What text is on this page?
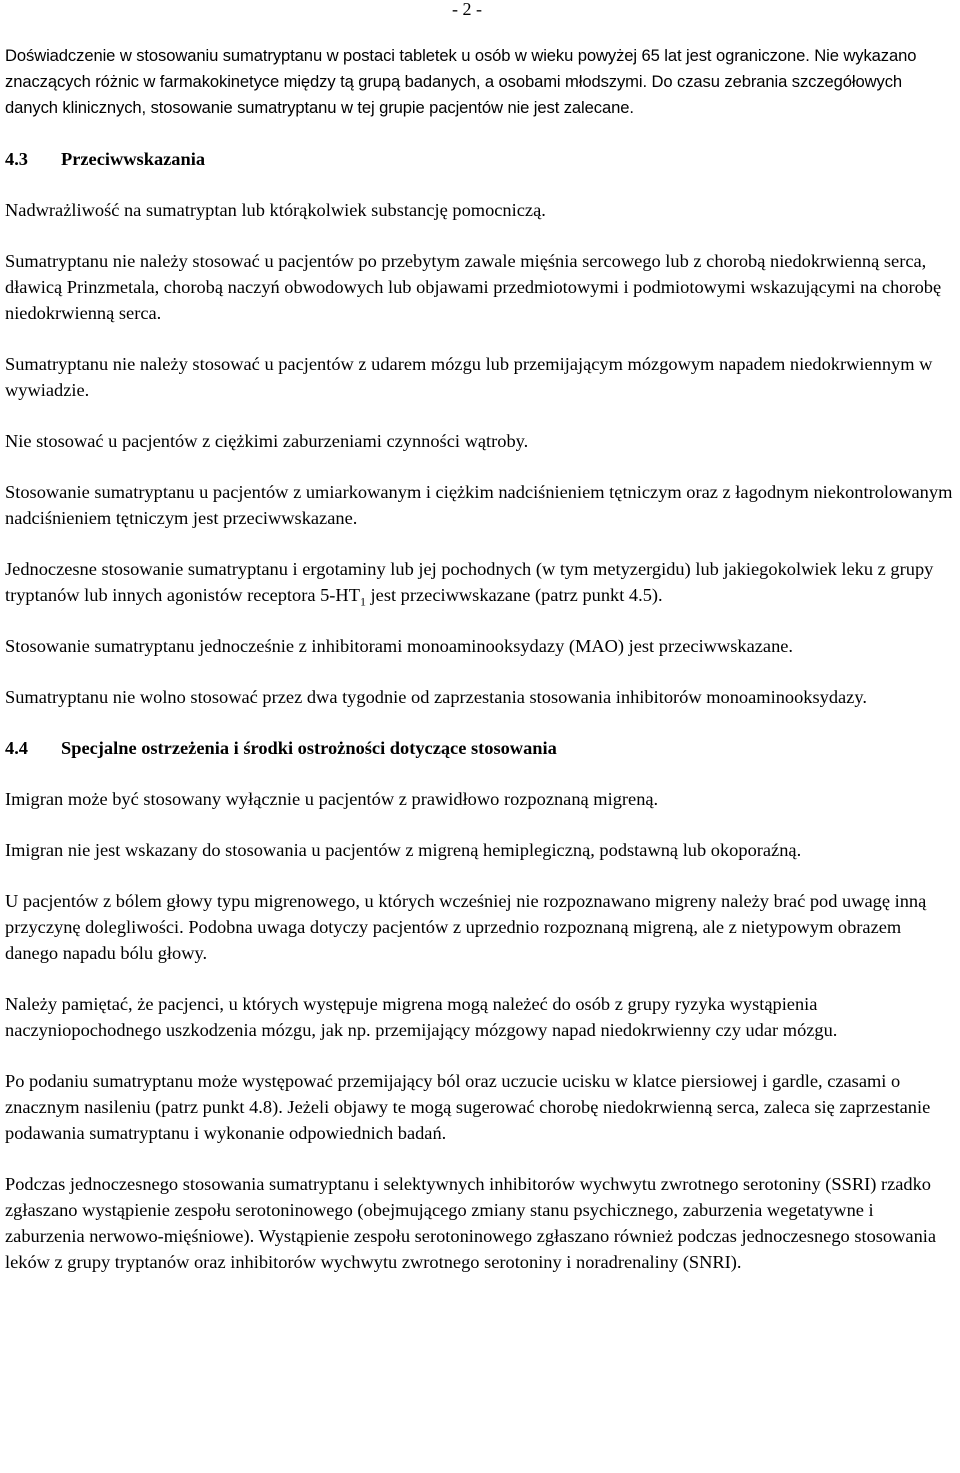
- 2 -

Doświadczenie w stosowaniu sumatryptanu w postaci tabletek u osób w wieku powyżej 65 lat jest ograniczone. Nie wykazano znaczących różnic w farmakokinetyce między tą grupą badanych, a osobami młodszymi. Do czasu zebrania szczegółowych danych klinicznych, stosowanie sumatryptanu w tej grupie pacjentów nie jest zalecane.

4.3 Przeciwwskazania

Nadwrażliwość na sumatryptan lub którąkolwiek substancję pomocniczą.

Sumatryptanu nie należy stosować u pacjentów po przebytym zawale mięśnia sercowego lub z chorobą niedokrwienną serca, dławicą Prinzmetala, chorobą naczyń obwodowych lub objawami przedmiotowymi i podmiotowymi wskazującymi na chorobę niedokrwienną serca.

Sumatryptanu nie należy stosować u pacjentów z udarem mózgu lub przemijającym mózgowym napadem niedokrwiennym w wywiadzie.

Nie stosować u pacjentów z ciężkimi zaburzeniami czynności wątroby.

Stosowanie sumatryptanu u pacjentów z umiarkowanym i ciężkim nadciśnieniem tętniczym oraz z łagodnym niekontrolowanym nadciśnieniem tętniczym jest przeciwwskazane.

Jednoczesne stosowanie sumatryptanu i ergotaminy lub jej pochodnych (w tym metyzergidu) lub jakiegokolwiek leku z grupy tryptanów lub innych agonistów receptora $5-HT_1$ jest przeciwwskazane (patrz punkt 4.5).

Stosowanie sumatryptanu jednocześnie z inhibitorami monoaminooksydazy (MAO) jest przeciwwskazane.

Sumatryptanu nie wolno stosować przez dwa tygodnie od zaprzestania stosowania inhibitorów monoaminooksydazy.

4.4 Specjalne ostrzeżenia i środki ostrożności dotyczące stosowania

Imigran może być stosowany wyłącznie u pacjentów z prawidłowo rozpoznaną migreną.

Imigran nie jest wskazany do stosowania u pacjentów z migreną hemiplegiczną, podstawną lub okoporaźną.

U pacjentów z bólem głowy typu migrenowego, u których wcześniej nie rozpoznawano migreny należy brać pod uwagę inną przyczynę dolegliwości. Podobna uwaga dotyczy pacjentów z uprzednio rozpoznaną migreną, ale z nietypowym obrazem danego napadu bólu głowy.

Należy pamiętać, że pacjenci, u których występuje migrena mogą należeć do osób z grupy ryzyka wystąpienia naczyniopochodnego uszkodzenia mózgu, jak np. przemijający mózgowy napad niedokrwienny czy udar mózgu.

Po podaniu sumatryptanu może występować przemijający ból oraz uczucie ucisku w klatce piersiowej i gardle, czasami o znacznym nasileniu (patrz punkt 4.8). Jeżeli objawy te mogą sugerować chorobę niedokrwienną serca, zaleca się zaprzestanie podawania sumatryptanu i wykonanie odpowiednich badań.

Podczas jednoczesnego stosowania sumatryptanu i selektywnych inhibitorów wychwytu zwrotnego serotoniny (SSRI) rzadko zgłaszano wystąpienie zespołu serotoninowego (obejmującego zmiany stanu psychicznego, zaburzenia wegetatywne i zaburzenia nerwowo-mięśniowe). Wystąpienie zespołu serotoninowego zgłaszano również podczas jednoczesnego stosowania leków z grupy tryptanów oraz inhibitorów wychwytu zwrotnego serotoniny i noradrenaliny (SNRI).
